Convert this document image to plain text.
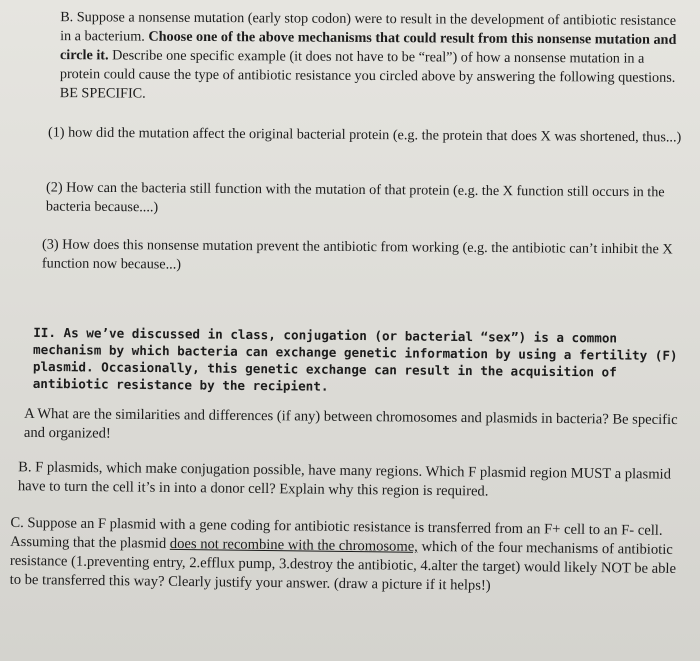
B. Suppose a nonsense mutation (early stop codon) were to result in the development of antibiotic resistance in a bacterium. Choose one of the above mechanisms that could result from this nonsense mutation and circle it. Describe one specific example (it does not have to be “real”) of how a nonsense mutation in a protein could cause the type of antibiotic resistance you circled above by answering the following questions. BE SPECIFIC.
(1) how did the mutation affect the original bacterial protein (e.g. the protein that does X was shortened, thus...)
(2) How can the bacteria still function with the mutation of that protein (e.g. the X function still occurs in the bacteria because....)
(3) How does this nonsense mutation prevent the antibiotic from working (e.g. the antibiotic can’t inhibit the X function now because...)
II. As we’ve discussed in class, conjugation (or bacterial “sex”) is a common mechanism by which bacteria can exchange genetic information by using a fertility (F) plasmid. Occasionally, this genetic exchange can result in the acquisition of antibiotic resistance by the recipient.
A What are the similarities and differences (if any) between chromosomes and plasmids in bacteria? Be specific and organized!
B. F plasmids, which make conjugation possible, have many regions. Which F plasmid region MUST a plasmid have to turn the cell it’s in into a donor cell? Explain why this region is required.
C. Suppose an F plasmid with a gene coding for antibiotic resistance is transferred from an F+ cell to an F- cell. Assuming that the plasmid does not recombine with the chromosome, which of the four mechanisms of antibiotic resistance (1.preventing entry, 2.efflux pump, 3.destroy the antibiotic, 4.alter the target) would likely NOT be able to be transferred this way? Clearly justify your answer. (draw a picture if it helps!)
